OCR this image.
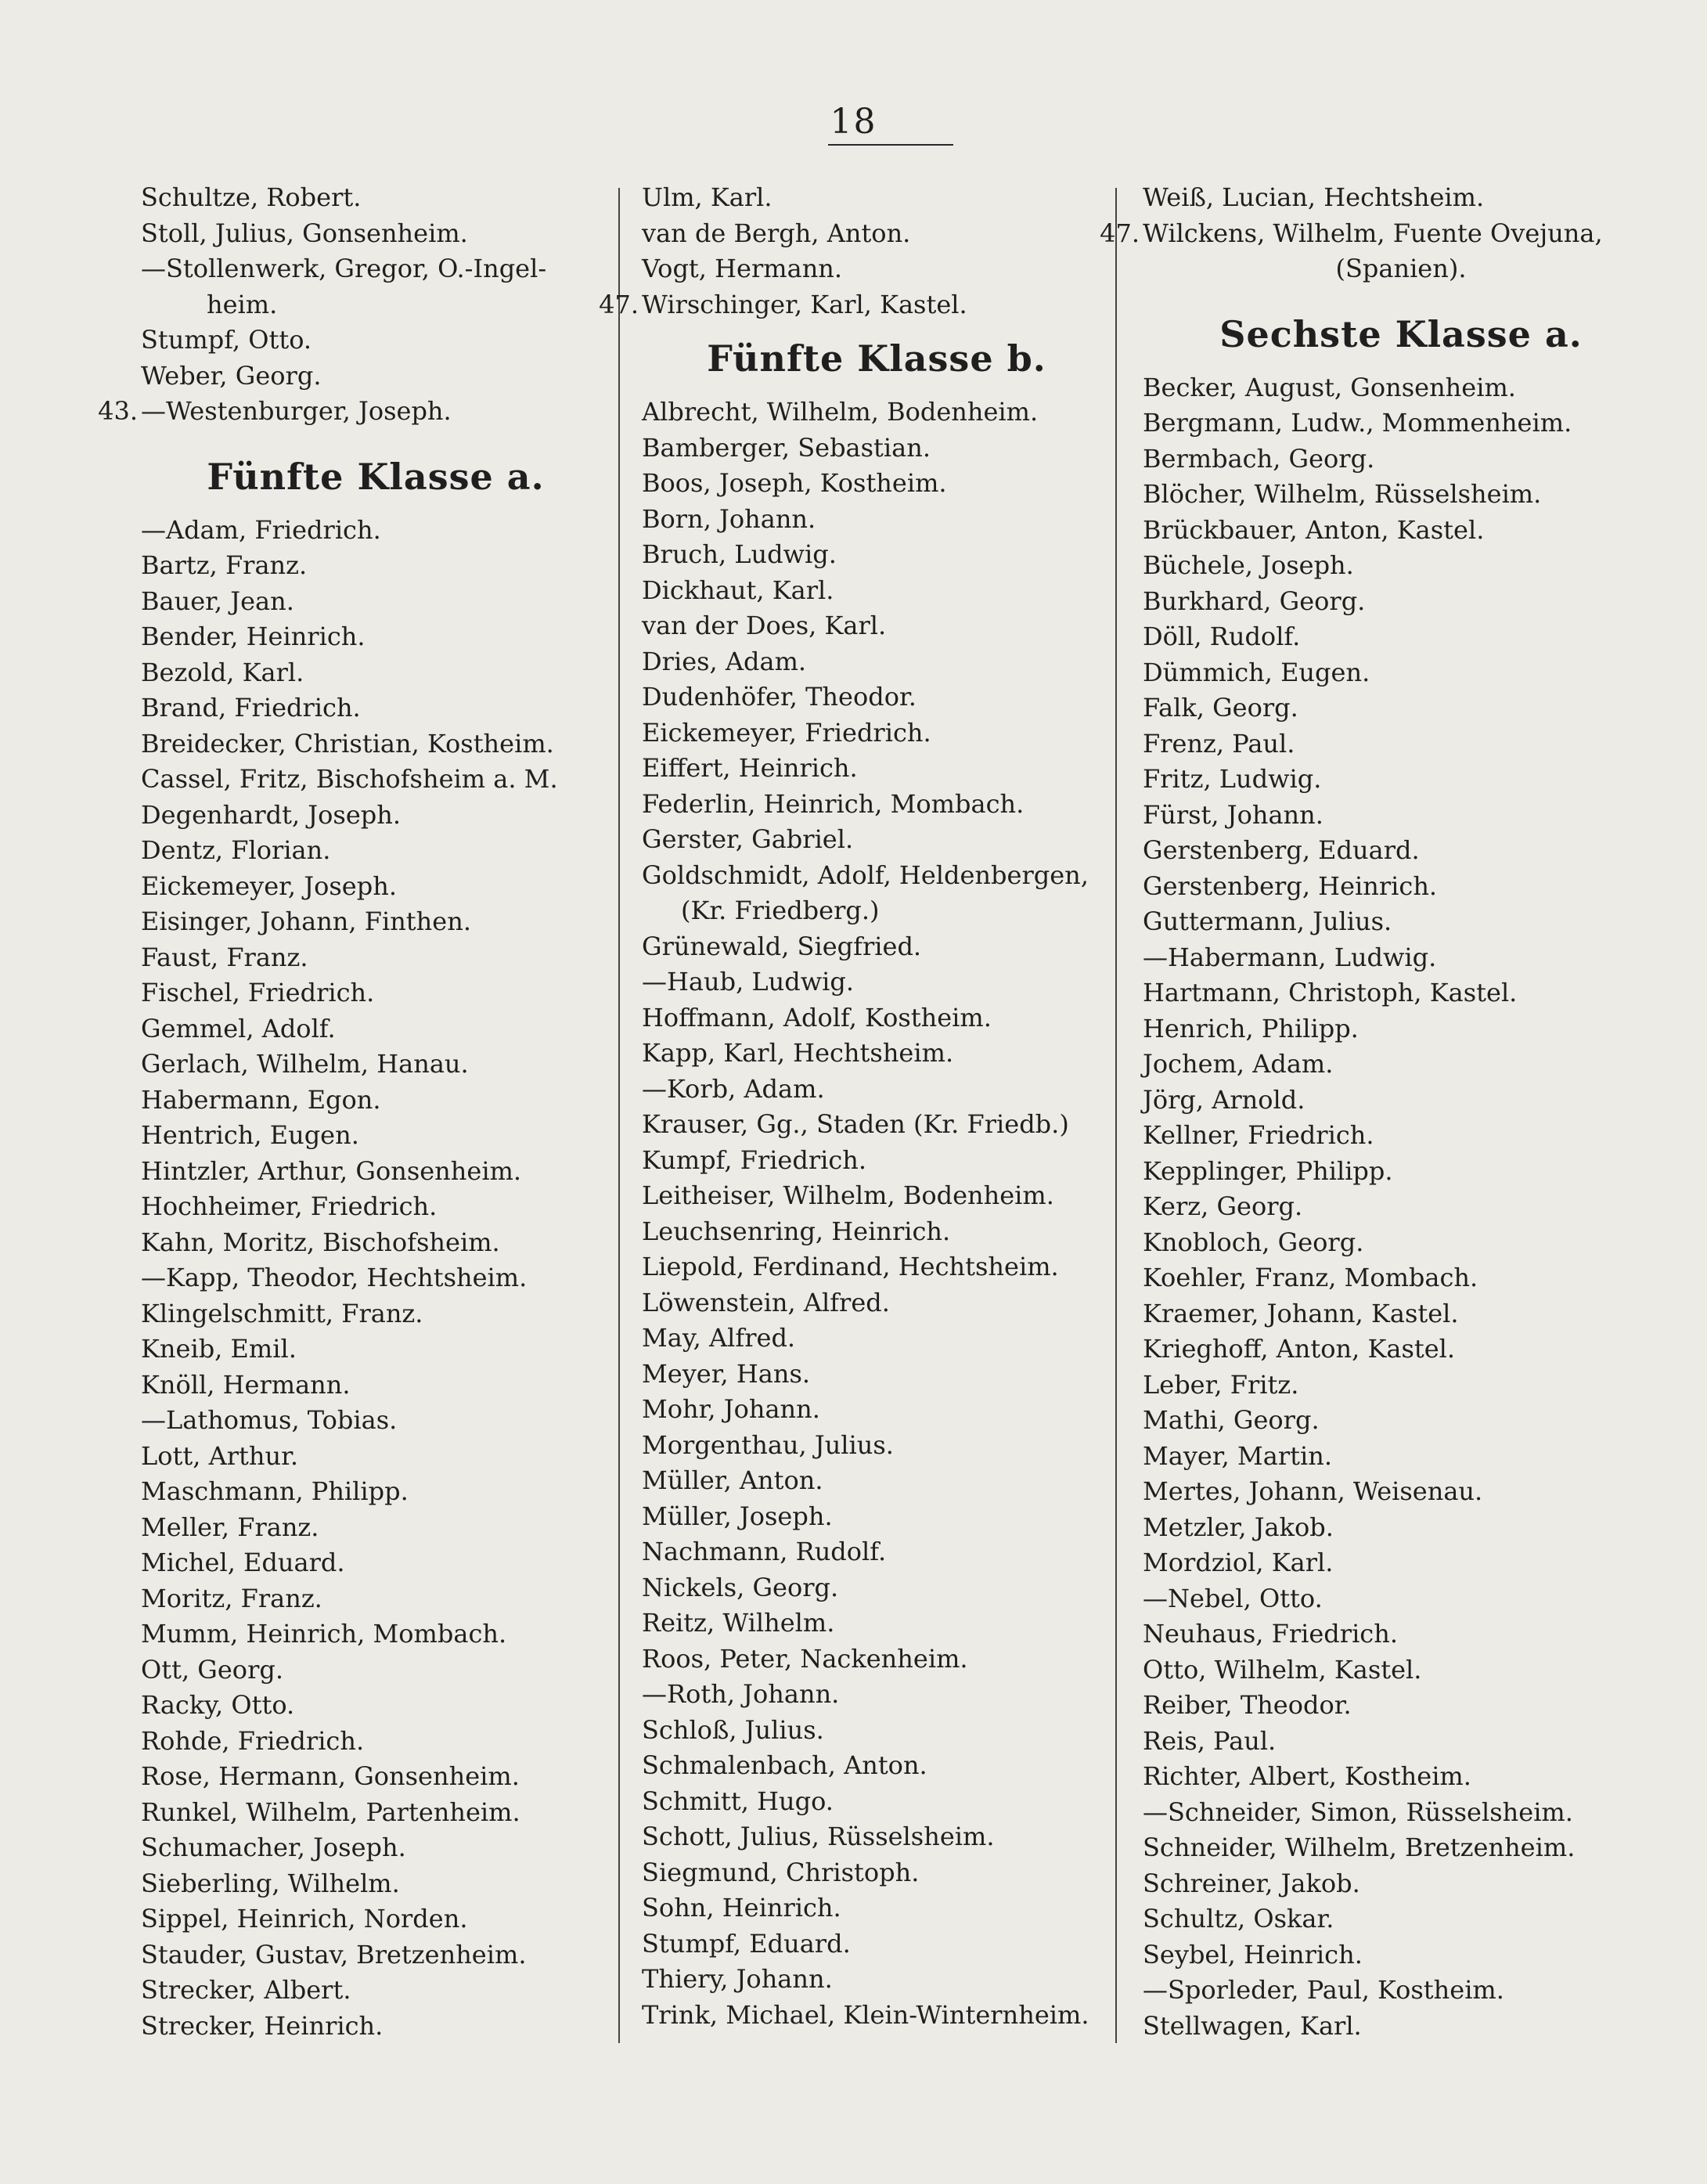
18
Schultze, Robert.
Stoll, Julius, Gonsenheim.
—Stollenwerk, Gregor, O.-Ingel-
heim.
Stumpf, Otto.
Weber, Georg.
43. —Westenburger, Joseph.
Fünfte Klasse a.
—Adam, Friedrich.
Bartz, Franz.
Bauer, Jean.
Bender, Heinrich.
Bezold, Karl.
Brand, Friedrich.
Breidecker, Christian, Kostheim.
Cassel, Fritz, Bischofsheim a. M.
Degenhardt, Joseph.
Dentz, Florian.
Eickemeyer, Joseph.
Eisinger, Johann, Finthen.
Faust, Franz.
Fischel, Friedrich.
Gemmel, Adolf.
Gerlach, Wilhelm, Hanau.
Habermann, Egon.
Hentrich, Eugen.
Hintzler, Arthur, Gonsenheim.
Hochheimer, Friedrich.
Kahn, Moritz, Bischofsheim.
—Kapp, Theodor, Hechtsheim.
Klingelschmitt, Franz.
Kneib, Emil.
Knöll, Hermann.
—Lathomus, Tobias.
Lott, Arthur.
Maschmann, Philipp.
Meller, Franz.
Michel, Eduard.
Moritz, Franz.
Mumm, Heinrich, Mombach.
Ott, Georg.
Racky, Otto.
Rohde, Friedrich.
Rose, Hermann, Gonsenheim.
Runkel, Wilhelm, Partenheim.
Schumacher, Joseph.
Sieberling, Wilhelm.
Sippel, Heinrich, Norden.
Stauder, Gustav, Bretzenheim.
Strecker, Albert.
Strecker, Heinrich.
Ulm, Karl.
van de Bergh, Anton.
Vogt, Hermann.
47. Wirschinger, Karl, Kastel.
Fünfte Klasse b.
Albrecht, Wilhelm, Bodenheim.
Bamberger, Sebastian.
Boos, Joseph, Kostheim.
Born, Johann.
Bruch, Ludwig.
Dickhaut, Karl.
van der Does, Karl.
Dries, Adam.
Dudenhöfer, Theodor.
Eickemeyer, Friedrich.
Eiffert, Heinrich.
Federlin, Heinrich, Mombach.
Gerster, Gabriel.
Goldschmidt, Adolf, Heldenbergen,
(Kr. Friedberg.)
Grünewald, Siegfried.
—Haub, Ludwig.
Hoffmann, Adolf, Kostheim.
Kapp, Karl, Hechtsheim.
—Korb, Adam.
Krauser, Gg., Staden (Kr. Friedb.)
Kumpf, Friedrich.
Leitheiser, Wilhelm, Bodenheim.
Leuchsenring, Heinrich.
Liepold, Ferdinand, Hechtsheim.
Löwenstein, Alfred.
May, Alfred.
Meyer, Hans.
Mohr, Johann.
Morgenthau, Julius.
Müller, Anton.
Müller, Joseph.
Nachmann, Rudolf.
Nickels, Georg.
Reitz, Wilhelm.
Roos, Peter, Nackenheim.
—Roth, Johann.
Schloß, Julius.
Schmalenbach, Anton.
Schmitt, Hugo.
Schott, Julius, Rüsselsheim.
Siegmund, Christoph.
Sohn, Heinrich.
Stumpf, Eduard.
Thiery, Johann.
Trink, Michael, Klein-Winternheim.
Weiß, Lucian, Hechtsheim.
47. Wilckens, Wilhelm, Fuente Ovejuna,
(Spanien).
Sechste Klasse a.
Becker, August, Gonsenheim.
Bergmann, Ludw., Mommenheim.
Bermbach, Georg.
Blöcher, Wilhelm, Rüsselsheim.
Brückbauer, Anton, Kastel.
Büchele, Joseph.
Burkhard, Georg.
Döll, Rudolf.
Dümmich, Eugen.
Falk, Georg.
Frenz, Paul.
Fritz, Ludwig.
Fürst, Johann.
Gerstenberg, Eduard.
Gerstenberg, Heinrich.
Guttermann, Julius.
—Habermann, Ludwig.
Hartmann, Christoph, Kastel.
Henrich, Philipp.
Jochem, Adam.
Jörg, Arnold.
Kellner, Friedrich.
Kepplinger, Philipp.
Kerz, Georg.
Knobloch, Georg.
Koehler, Franz, Mombach.
Kraemer, Johann, Kastel.
Krieghoff, Anton, Kastel.
Leber, Fritz.
Mathi, Georg.
Mayer, Martin.
Mertes, Johann, Weisenau.
Metzler, Jakob.
Mordziol, Karl.
—Nebel, Otto.
Neuhaus, Friedrich.
Otto, Wilhelm, Kastel.
Reiber, Theodor.
Reis, Paul.
Richter, Albert, Kostheim.
—Schneider, Simon, Rüsselsheim.
Schneider, Wilhelm, Bretzenheim.
Schreiner, Jakob.
Schultz, Oskar.
Seybel, Heinrich.
—Sporleder, Paul, Kostheim.
Stellwagen, Karl.
